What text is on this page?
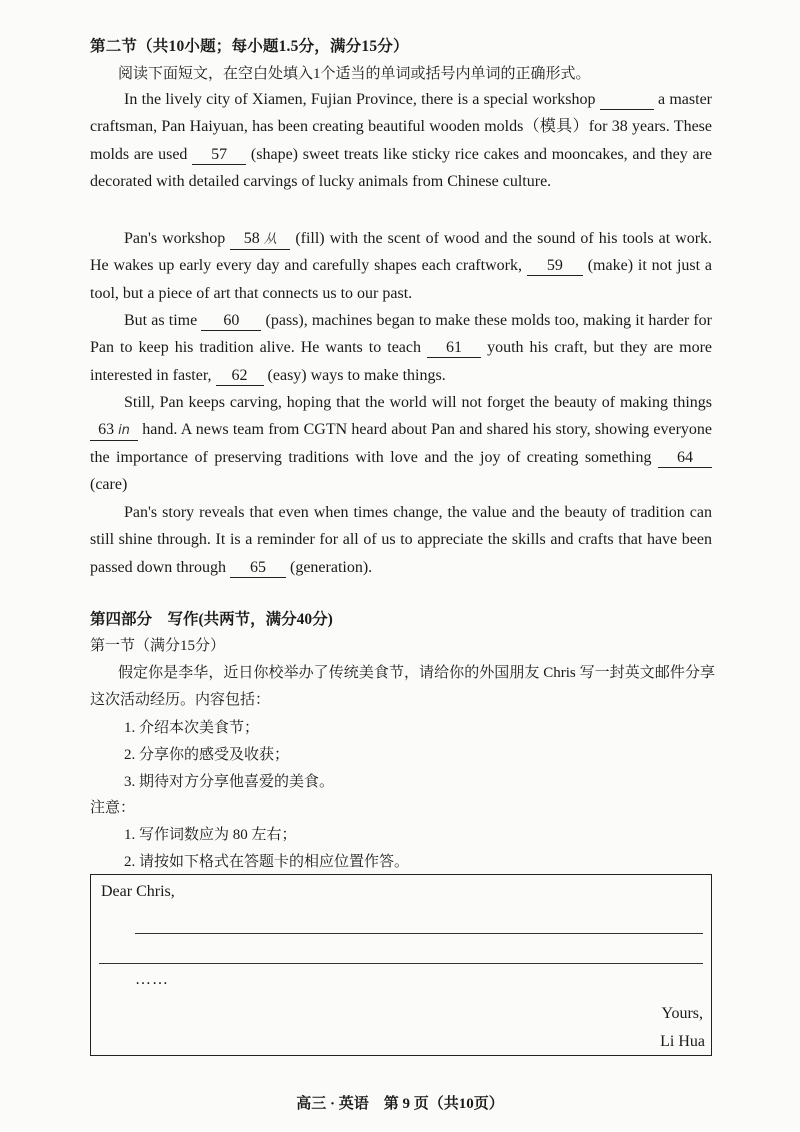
第二节（共10小题；每小题1.5分，满分15分）
阅读下面短文，在空白处填入1个适当的单词或括号内单词的正确形式。

In the lively city of Xiamen, Fujian Province, there is a special workshop	a master craftsman, Pan Haiyuan, has been creating beautiful wooden molds（模具）for 38 years. These molds are used 57 (shape) sweet treats like sticky rice cakes and mooncakes, and they are decorated with detailed carvings of lucky animals from Chinese culture.

Pan's workshop 58 从 (fill) with the scent of wood and the sound of his tools at work. He wakes up early every day and carefully shapes each craftwork, 59 (make) it not just a tool, but a piece of art that connects us to our past.

But as time 60 (pass), machines began to make these molds too, making it harder for Pan to keep his tradition alive. He wants to teach 61 youth his craft, but they are more interested in faster, 62 (easy) ways to make things.

Still, Pan keeps carving, hoping that the world will not forget the beauty of making things 63 in hand. A news team from CGTN heard about Pan and shared his story, showing everyone the importance of preserving traditions with love and the joy of creating something 64 (care)

Pan's story reveals that even when times change, the value and the beauty of tradition can still shine through. It is a reminder for all of us to appreciate the skills and crafts that have been passed down through 65 (generation).

第四部分　写作(共两节，满分40分)
第一节（满分15分）

假定你是李华，近日你校举办了传统美食节，请给你的外国朋友 Chris 写一封英文邮件分享这次活动经历。内容包括：

1. 介绍本次美食节；
2. 分享你的感受及收获；
3. 期待对方分享他喜爱的美食。
注意：
1. 写作词数应为 80 左右；
2. 请按如下格式在答题卡的相应位置作答。
Dear Chris,
……
Yours,
Li Hua
高三 · 英语　第 9 页（共10页）
